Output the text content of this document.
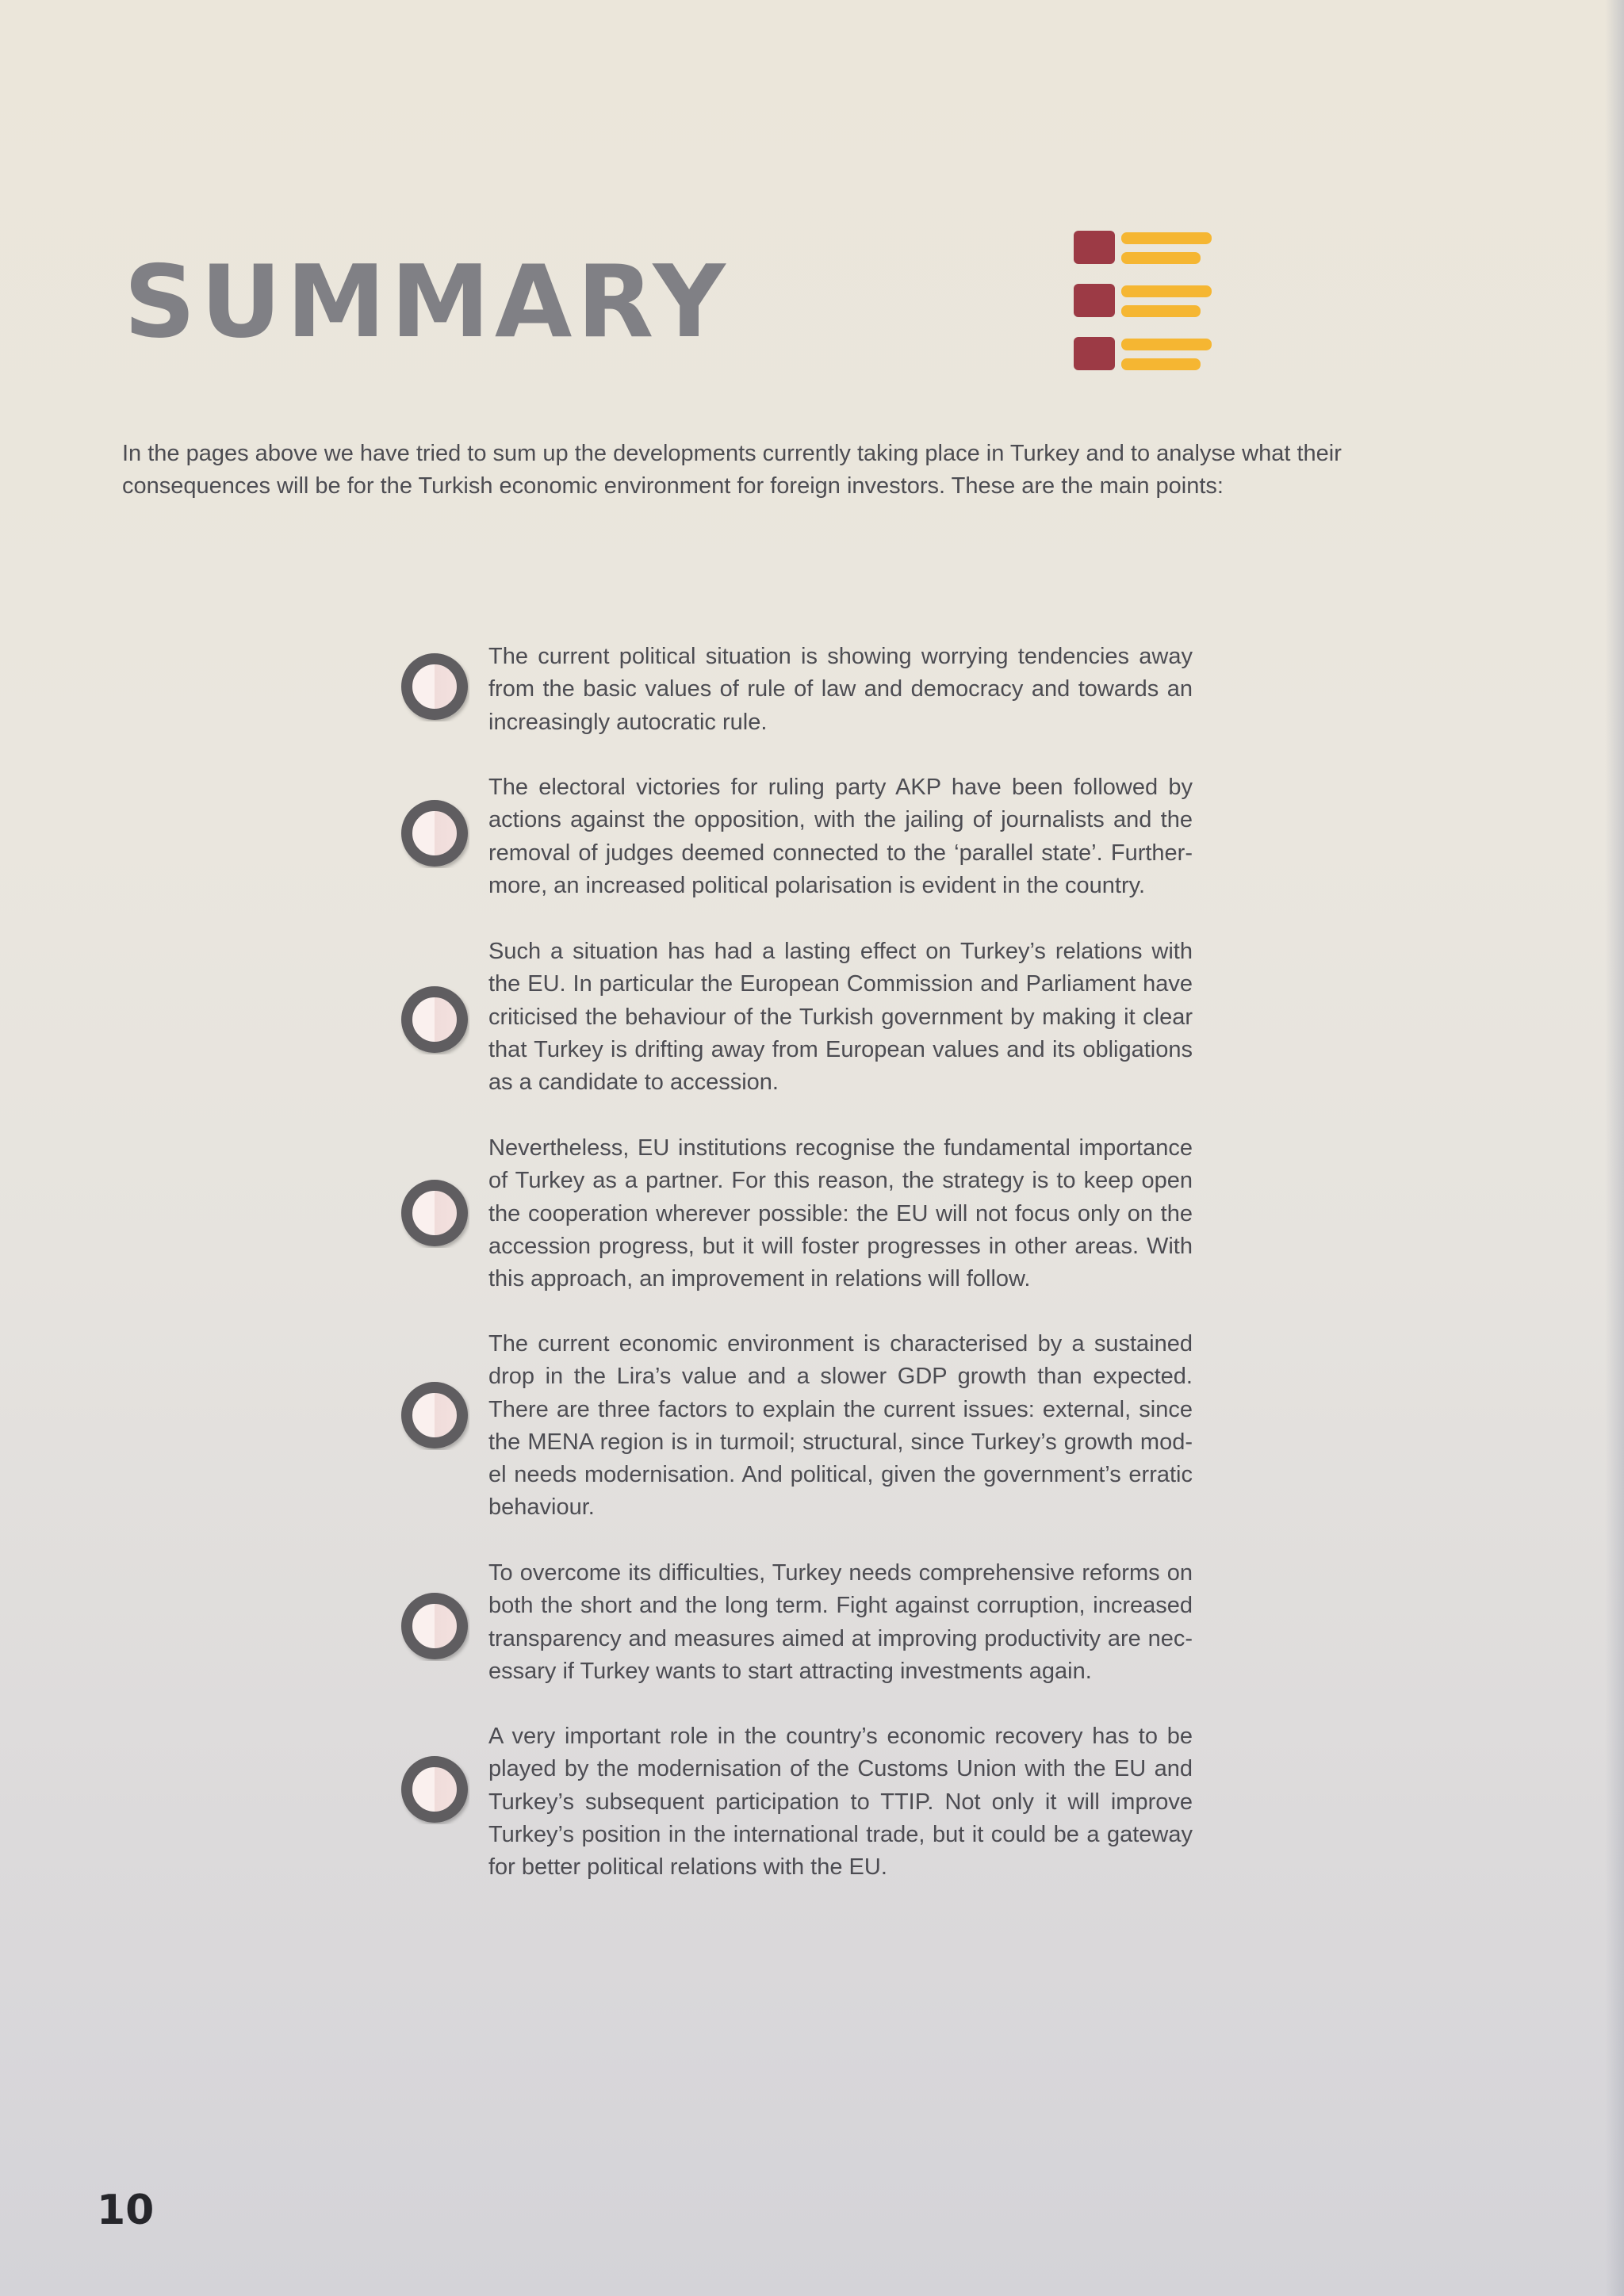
SUMMARY

In the pages above we have tried to sum up the developments currently taking place in Turkey and to analyse what their consequences will be for the Turkish economic environment for foreign investors. These are the main points:

The current political situation is showing worrying tendencies away from the basic values of rule of law and democracy and towards an increasingly autocratic rule.

The electoral victories for ruling party AKP have been followed by actions against the opposition, with the jailing of journalists and the removal of judges deemed connected to the ‘parallel state’. Further-more, an increased political polarisation is evident in the country.

Such a situation has had a lasting effect on Turkey’s relations with the EU. In particular the European Commission and Parliament have criticised the behaviour of the Turkish government by making it clear that Turkey is drifting away from European values and its obligations as a candidate to accession.

Nevertheless, EU institutions recognise the fundamental importance of Turkey as a partner. For this reason, the strategy is to keep open the cooperation wherever possible: the EU will not focus only on the accession progress, but it will foster progresses in other areas. With this approach, an improvement in relations will follow.

The current economic environment is characterised by a sustained drop in the Lira’s value and a slower GDP growth than expected. There are three factors to explain the current issues: external, since the MENA region is in turmoil; structural, since Turkey’s growth mod-el needs modernisation. And political, given the government’s erratic behaviour.

To overcome its difficulties, Turkey needs comprehensive reforms on both the short and the long term. Fight against corruption, increased transparency and measures aimed at improving productivity are nec-essary if Turkey wants to start attracting investments again.

A very important role in the country’s economic recovery has to be played by the modernisation of the Customs Union with the EU and Turkey’s subsequent participation to TTIP. Not only it will improve Turkey’s position in the international trade, but it could be a gateway for better political relations with the EU.

10
